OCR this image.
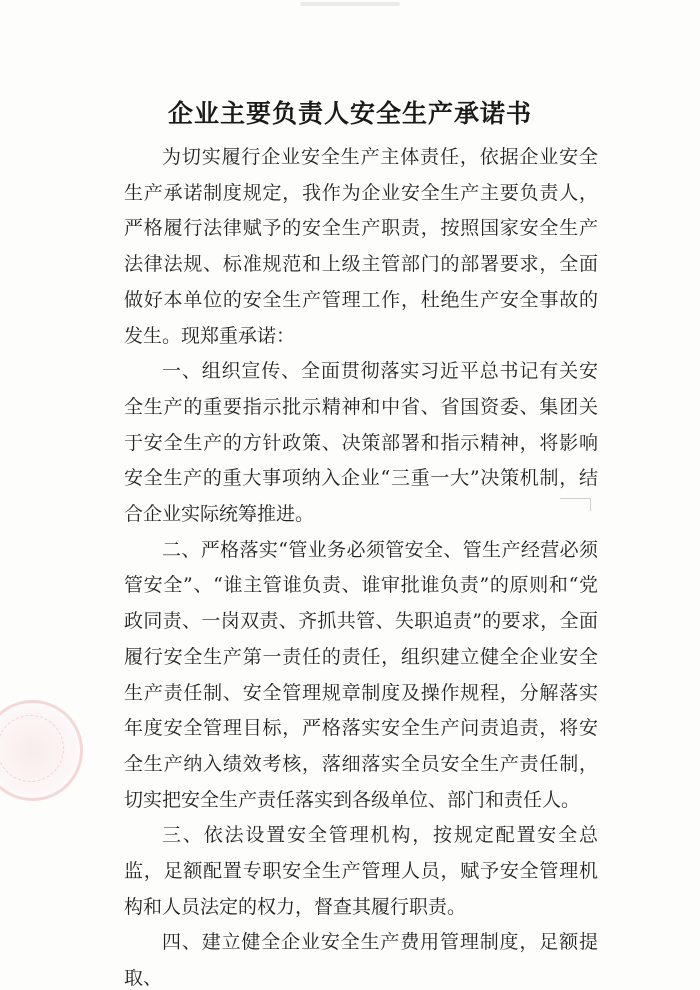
企业主要负责人安全生产承诺书

为切实履行企业安全生产主体责任，依据企业安全生产承诺制度规定，我作为企业安全生产主要负责人，严格履行法律赋予的安全生产职责，按照国家安全生产法律法规、标准规范和上级主管部门的部署要求，全面做好本单位的安全生产管理工作，杜绝生产安全事故的发生。现郑重承诺：

一、组织宣传、全面贯彻落实习近平总书记有关安全生产的重要指示批示精神和中省、省国资委、集团关于安全生产的方针政策、决策部署和指示精神，将影响安全生产的重大事项纳入企业“三重一大”决策机制，结合企业实际统筹推进。

二、严格落实“管业务必须管安全、管生产经营必须管安全”、“谁主管谁负责、谁审批谁负责”的原则和“党政同责、一岗双责、齐抓共管、失职追责”的要求，全面履行安全生产第一责任的责任，组织建立健全企业安全生产责任制、安全管理规章制度及操作规程，分解落实年度安全管理目标，严格落实安全生产问责追责，将安全生产纳入绩效考核，落细落实全员安全生产责任制，切实把安全生产责任落实到各级单位、部门和责任人。

三、依法设置安全管理机构，按规定配置安全总监，足额配置专职安全生产管理人员，赋予安全管理机构和人员法定的权力，督查其履行职责。

四、建立健全企业安全生产费用管理制度，足额提取、
